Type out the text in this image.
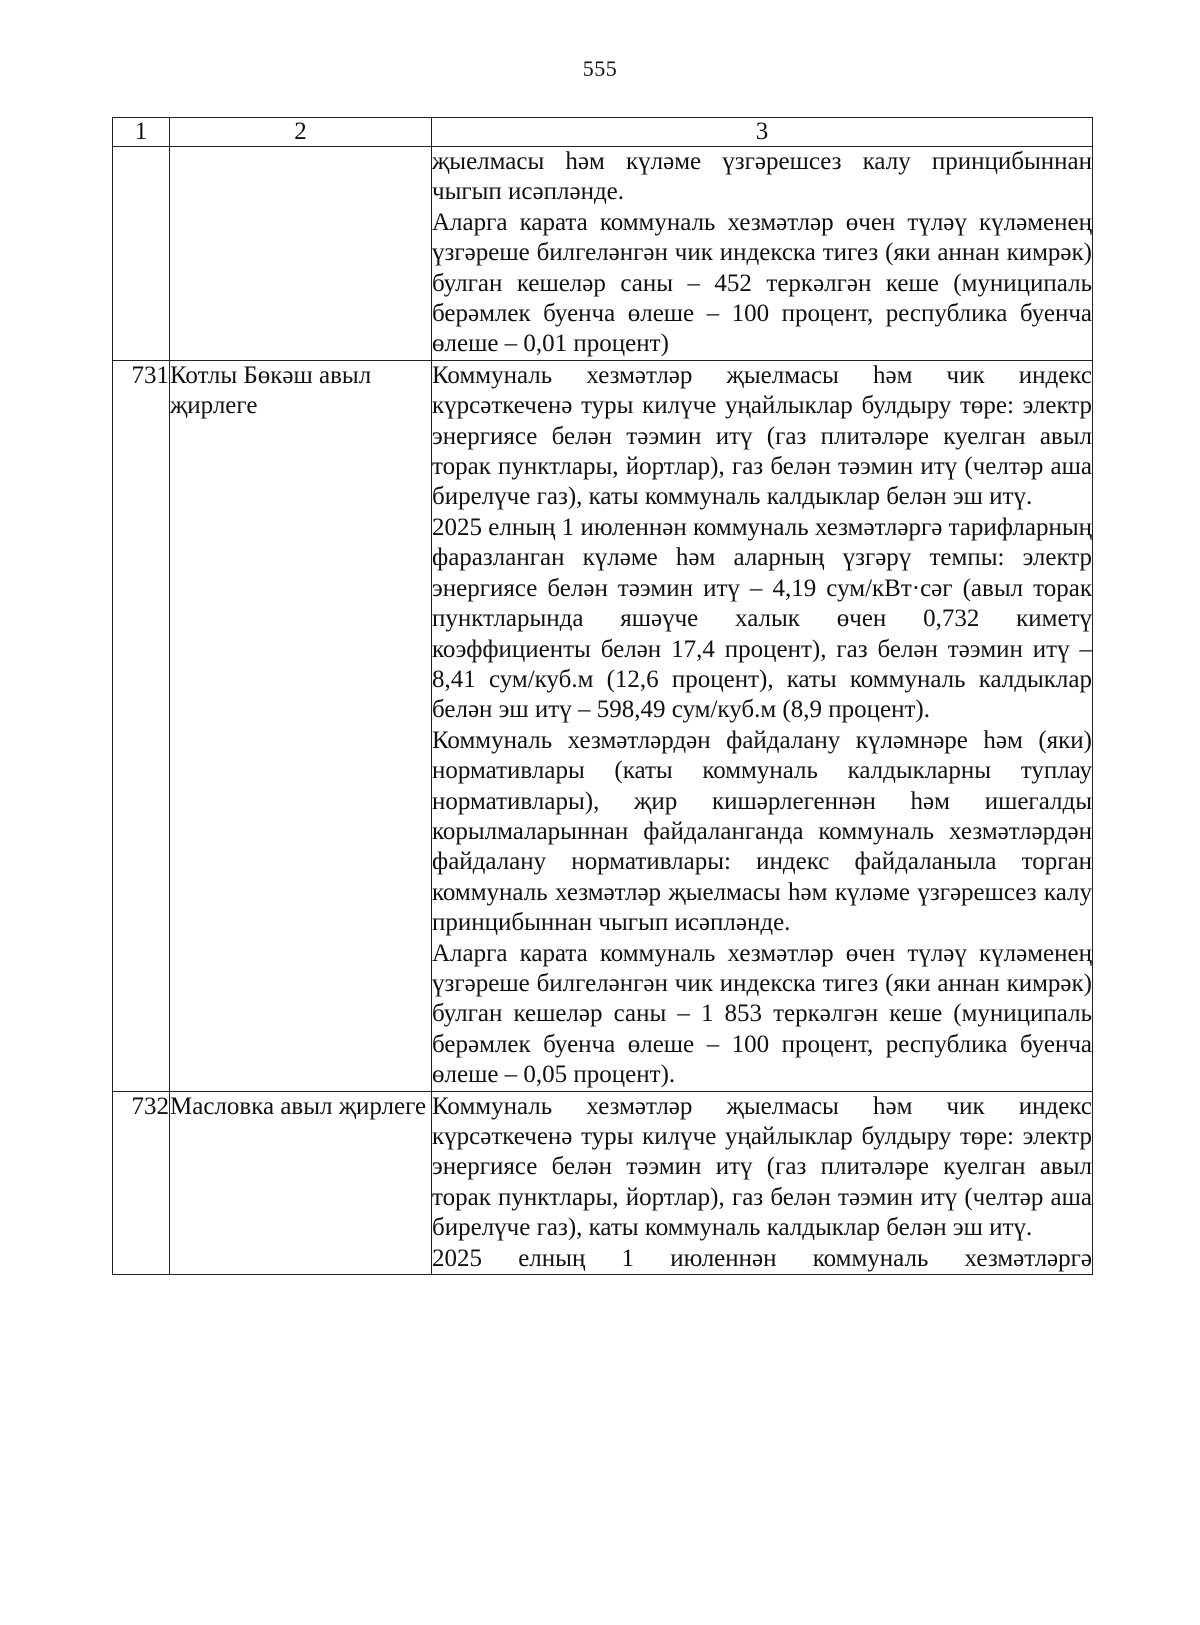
555
1	2	3

		җыелмасы һәм күләме үзгәрешсез калу принцибыннан чыгып исәпләнде.

Аларга карата коммуналь хезмәтләр өчен түләү күләменең үзгәреше билгеләнгән чик индекска тигез (яки аннан кимрәк) булган кешеләр саны – 452 теркәлгән кеше (муниципаль берәмлек буенча өлеше – 100 процент, республика буенча өлеше – 0,01 процент)

731	Котлы Бөкәш авыл җирлеге	Коммуналь хезмәтләр җыелмасы һәм чик индекс күрсәткеченә туры килүче уңайлыклар булдыру төре: электр энергиясе белән тәэмин итү (газ плитәләре куелган авыл торак пунктлары, йортлар), газ белән тәэмин итү (челтәр аша бирелүче газ), каты коммуналь калдыклар белән эш итү.

2025 елның 1 июленнән коммуналь хезмәтләргә тарифларның фаразланган күләме һәм аларның үзгәрү темпы: электр энергиясе белән тәэмин итү – 4,19 сум/кВт·сәг (авыл торак пунктларында яшәүче халык өчен 0,732 киметү коэффициенты белән 17,4 процент), газ белән тәэмин итү – 8,41 сум/куб.м (12,6 процент), каты коммуналь калдыклар белән эш итү – 598,49 сум/куб.м (8,9 процент).

Коммуналь хезмәтләрдән файдалану күләмнәре һәм (яки) нормативлары (каты коммуналь калдыкларны туплау нормативлары), җир кишәрлегеннән һәм ишегалды корылмаларыннан файдаланганда коммуналь хезмәтләрдән файдалану нормативлары: индекс файдаланыла торган коммуналь хезмәтләр җыелмасы һәм күләме үзгәрешсез калу принцибыннан чыгып исәпләнде.

Аларга карата коммуналь хезмәтләр өчен түләү күләменең үзгәреше билгеләнгән чик индекска тигез (яки аннан кимрәк) булган кешеләр саны – 1 853 теркәлгән кеше (муниципаль берәмлек буенча өлеше – 100 процент, республика буенча өлеше – 0,05 процент).

732	Масловка авыл җирлеге	Коммуналь хезмәтләр җыелмасы һәм чик индекс күрсәткеченә туры килүче уңайлыклар булдыру төре: электр энергиясе белән тәэмин итү (газ плитәләре куелган авыл торак пунктлары, йортлар), газ белән тәэмин итү (челтәр аша бирелүче газ), каты коммуналь калдыклар белән эш итү.

2025 елның 1 июленнән коммуналь хезмәтләргә
